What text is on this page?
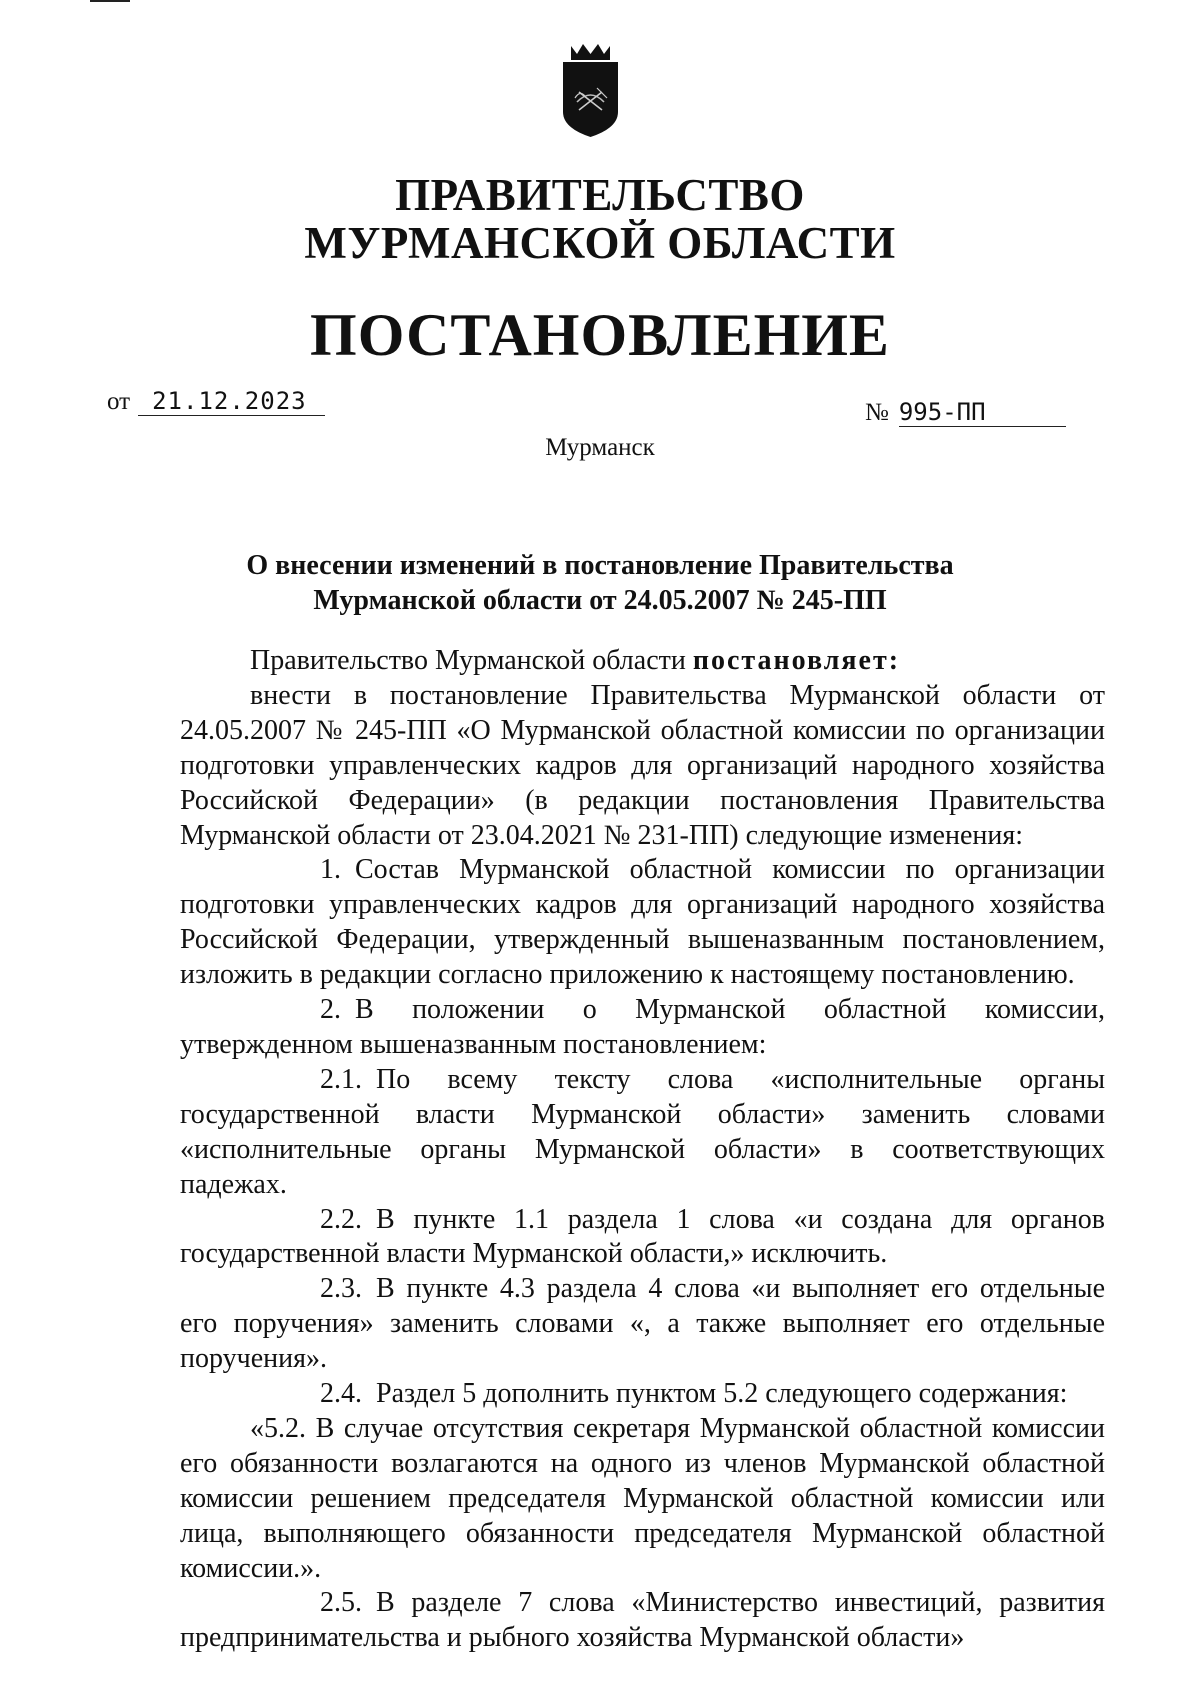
ПРАВИТЕЛЬСТВО
МУРМАНСКОЙ ОБЛАСТИ
ПОСТАНОВЛЕНИЕ
от 21.12.2023	№ 995-ПП
Мурманск
О внесении изменений в постановление Правительства
Мурманской области от 24.05.2007 № 245-ПП

Правительство Мурманской области постановляет:

внести в постановление Правительства Мурманской области от 24.05.2007 № 245-ПП «О Мурманской областной комиссии по организации подготовки управленческих кадров для организаций народного хозяйства Российской Федерации» (в редакции постановления Правительства Мурманской области от 23.04.2021 № 231-ПП) следующие изменения:

1. Состав Мурманской областной комиссии по организации подготовки управленческих кадров для организаций народного хозяйства Российской Федерации, утвержденный вышеназванным постановлением, изложить в редакции согласно приложению к настоящему постановлению.

2. В положении о Мурманской областной комиссии, утвержденном вышеназванным постановлением:

2.1. По всему тексту слова «исполнительные органы государственной власти Мурманской области» заменить словами «исполнительные органы Мурманской области» в соответствующих падежах.

2.2. В пункте 1.1 раздела 1 слова «и создана для органов государственной власти Мурманской области,» исключить.

2.3. В пункте 4.3 раздела 4 слова «и выполняет его отдельные его поручения» заменить словами «, а также выполняет его отдельные поручения».

2.4. Раздел 5 дополнить пунктом 5.2 следующего содержания:

«5.2. В случае отсутствия секретаря Мурманской областной комиссии его обязанности возлагаются на одного из членов Мурманской областной комиссии решением председателя Мурманской областной комиссии или лица, выполняющего обязанности председателя Мурманской областной комиссии.».

2.5. В разделе 7 слова «Министерство инвестиций, развития предпринимательства и рыбного хозяйства Мурманской области»
